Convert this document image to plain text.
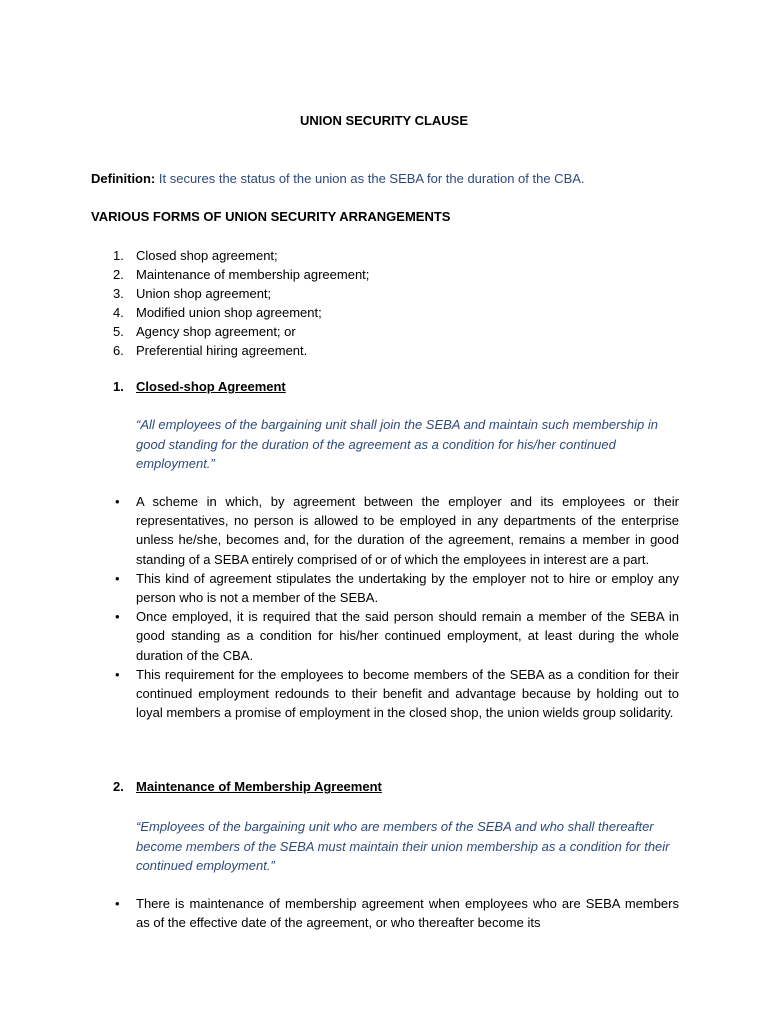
UNION SECURITY CLAUSE
Definition: It secures the status of the union as the SEBA for the duration of the CBA.
VARIOUS FORMS OF UNION SECURITY ARRANGEMENTS
1. Closed shop agreement;
2. Maintenance of membership agreement;
3. Union shop agreement;
4. Modified union shop agreement;
5. Agency shop agreement; or
6. Preferential hiring agreement.
1. Closed-shop Agreement
“All employees of the bargaining unit shall join the SEBA and maintain such membership in good standing for the duration of the agreement as a condition for his/her continued employment.”
• A scheme in which, by agreement between the employer and its employees or their representatives, no person is allowed to be employed in any departments of the enterprise unless he/she, becomes and, for the duration of the agreement, remains a member in good standing of a SEBA entirely comprised of or of which the employees in interest are a part.
• This kind of agreement stipulates the undertaking by the employer not to hire or employ any person who is not a member of the SEBA.
• Once employed, it is required that the said person should remain a member of the SEBA in good standing as a condition for his/her continued employment, at least during the whole duration of the CBA.
• This requirement for the employees to become members of the SEBA as a condition for their continued employment redounds to their benefit and advantage because by holding out to loyal members a promise of employment in the closed shop, the union wields group solidarity.
2. Maintenance of Membership Agreement
“Employees of the bargaining unit who are members of the SEBA and who shall thereafter become members of the SEBA must maintain their union membership as a condition for their continued employment.”
• There is maintenance of membership agreement when employees who are SEBA members as of the effective date of the agreement, or who thereafter become its
